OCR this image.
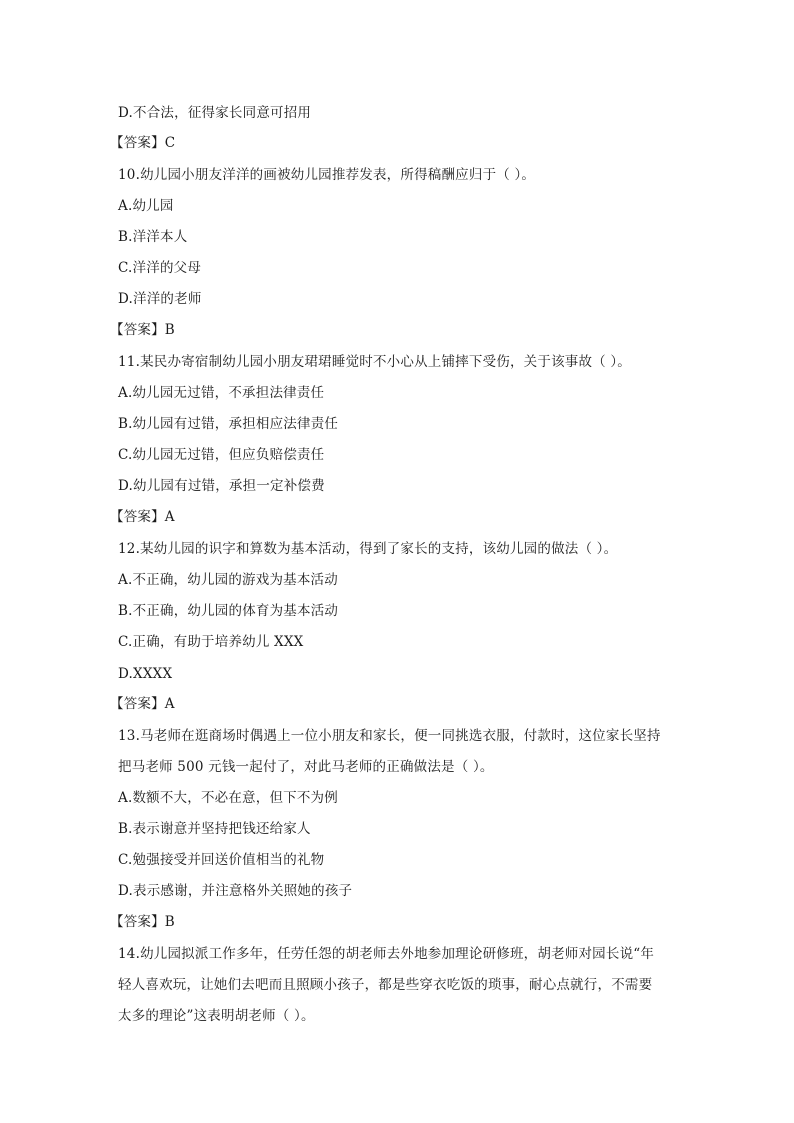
D.不合法，征得家长同意可招用
【答案】C
10.幼儿园小朋友洋洋的画被幼儿园推荐发表，所得稿酬应归于（ ）。
A.幼儿园
B.洋洋本人
C.洋洋的父母
D.洋洋的老师
【答案】B
11.某民办寄宿制幼儿园小朋友珺珺睡觉时不小心从上铺摔下受伤，关于该事故（ ）。
A.幼儿园无过错，不承担法律责任
B.幼儿园有过错，承担相应法律责任
C.幼儿园无过错，但应负赔偿责任
D.幼儿园有过错，承担一定补偿费
【答案】A
12.某幼儿园的识字和算数为基本活动，得到了家长的支持，该幼儿园的做法（ ）。
A.不正确，幼儿园的游戏为基本活动
B.不正确，幼儿园的体育为基本活动
C.正确，有助于培养幼儿 XXX
D.XXXX
【答案】A
13.马老师在逛商场时偶遇上一位小朋友和家长，便一同挑选衣服，付款时，这位家长坚持
把马老师 500 元钱一起付了，对此马老师的正确做法是（ ）。
A.数额不大，不必在意，但下不为例
B.表示谢意并坚持把钱还给家人
C.勉强接受并回送价值相当的礼物
D.表示感谢，并注意格外关照她的孩子
【答案】B
14.幼儿园拟派工作多年，任劳任怨的胡老师去外地参加理论研修班，胡老师对园长说“年
轻人喜欢玩，让她们去吧而且照顾小孩子，都是些穿衣吃饭的琐事，耐心点就行，不需要
太多的理论”这表明胡老师（ ）。
